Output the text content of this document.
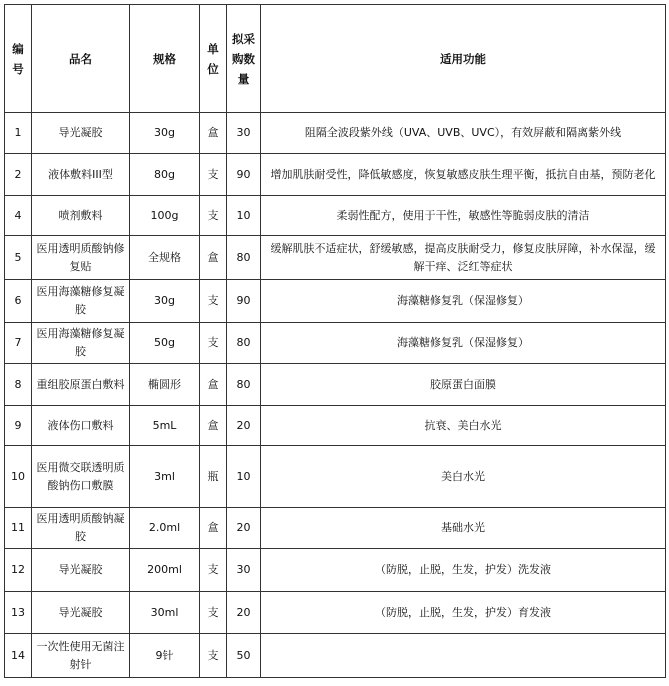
编号	品名	规格	单位	拟采购数量	适用功能
1	导光凝胶	30g	盒	30	阻隔全波段紫外线（UVA、UVB、UVC），有效屏蔽和隔离紫外线
2	液体敷料III型	80g	支	90	增加肌肤耐受性，降低敏感度，恢复敏感皮肤生理平衡，抵抗自由基，预防老化
4	喷剂敷料	100g	支	10	柔弱性配方，使用于干性，敏感性等脆弱皮肤的清洁
5	医用透明质酸钠修复贴	全规格	盒	80	缓解肌肤不适症状，舒缓敏感，提高皮肤耐受力，修复皮肤屏障，补水保湿，缓解干痒、泛红等症状
6	医用海藻糖修复凝胶	30g	支	90	海藻糖修复乳（保湿修复）
7	医用海藻糖修复凝胶	50g	支	80	海藻糖修复乳（保湿修复）
8	重组胶原蛋白敷料	椭圆形	盒	80	胶原蛋白面膜
9	液体伤口敷料	5mL	盒	20	抗衰、美白水光
10	医用微交联透明质酸钠伤口敷膜	3ml	瓶	10	美白水光
11	医用透明质酸钠凝胶	2.0ml	盒	20	基础水光
12	导光凝胶	200ml	支	30	（防脱，止脱，生发，护发）洗发液
13	导光凝胶	30ml	支	20	（防脱，止脱，生发，护发）育发液
14	一次性使用无菌注射针	9针	支	50	
